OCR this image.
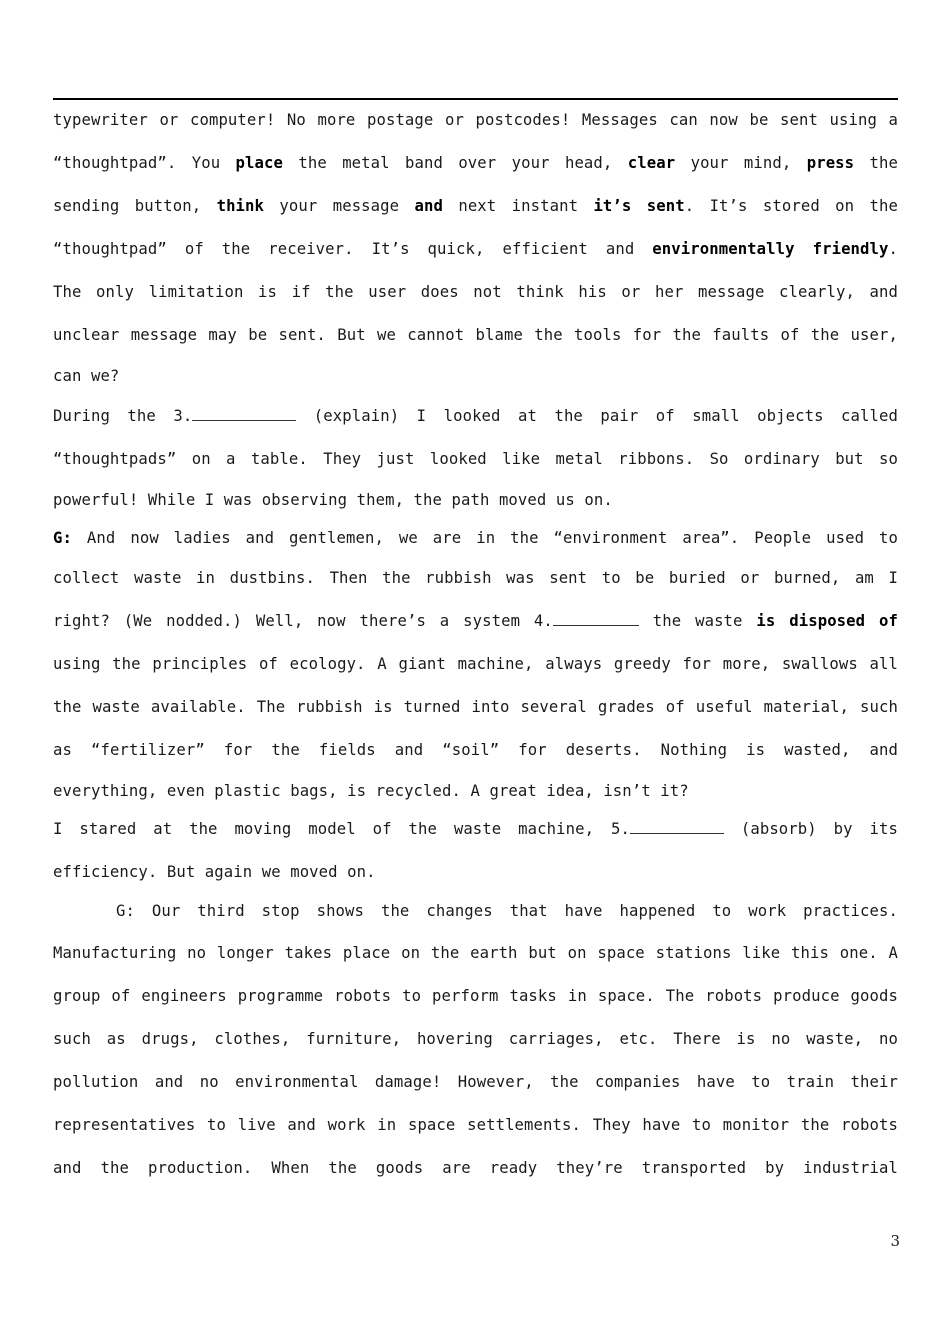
typewriter or computer! No more postage or postcodes! Messages can now be sent using a
“thoughtpad”. You place the metal band over your head, clear your mind, press the
sending button, think your message and next instant it’s sent. It’s stored on the
“thoughtpad” of the receiver. It’s quick, efficient and environmentally friendly.
The only limitation is if the user does not think his or her message clearly, and
unclear message may be sent. But we cannot blame the tools for the faults of the user,
can we?
During the 3.	(explain) I looked at the pair of small objects called
“thoughtpads” on a table. They just looked like metal ribbons. So ordinary but so
powerful! While I was observing them, the path moved us on.
G: And now ladies and gentlemen, we are in the “environment area”. People used to
collect waste in dustbins. Then the rubbish was sent to be buried or burned, am I
right? (We nodded.) Well, now there’s a system 4.	the waste is disposed of
using the principles of ecology. A giant machine, always greedy for more, swallows all
the waste available. The rubbish is turned into several grades of useful material, such
as “fertilizer” for the fields and “soil” for deserts. Nothing is wasted, and
everything, even plastic bags, is recycled. A great idea, isn’t it?
I stared at the moving model of the waste machine, 5.	(absorb) by its
efficiency. But again we moved on.
G: Our third stop shows the changes that have happened to work practices.
Manufacturing no longer takes place on the earth but on space stations like this one. A
group of engineers programme robots to perform tasks in space. The robots produce goods
such as drugs, clothes, furniture, hovering carriages, etc. There is no waste, no
pollution and no environmental damage! However, the companies have to train their
representatives to live and work in space settlements. They have to monitor the robots
and the production. When the goods are ready they’re transported by industrial
3
